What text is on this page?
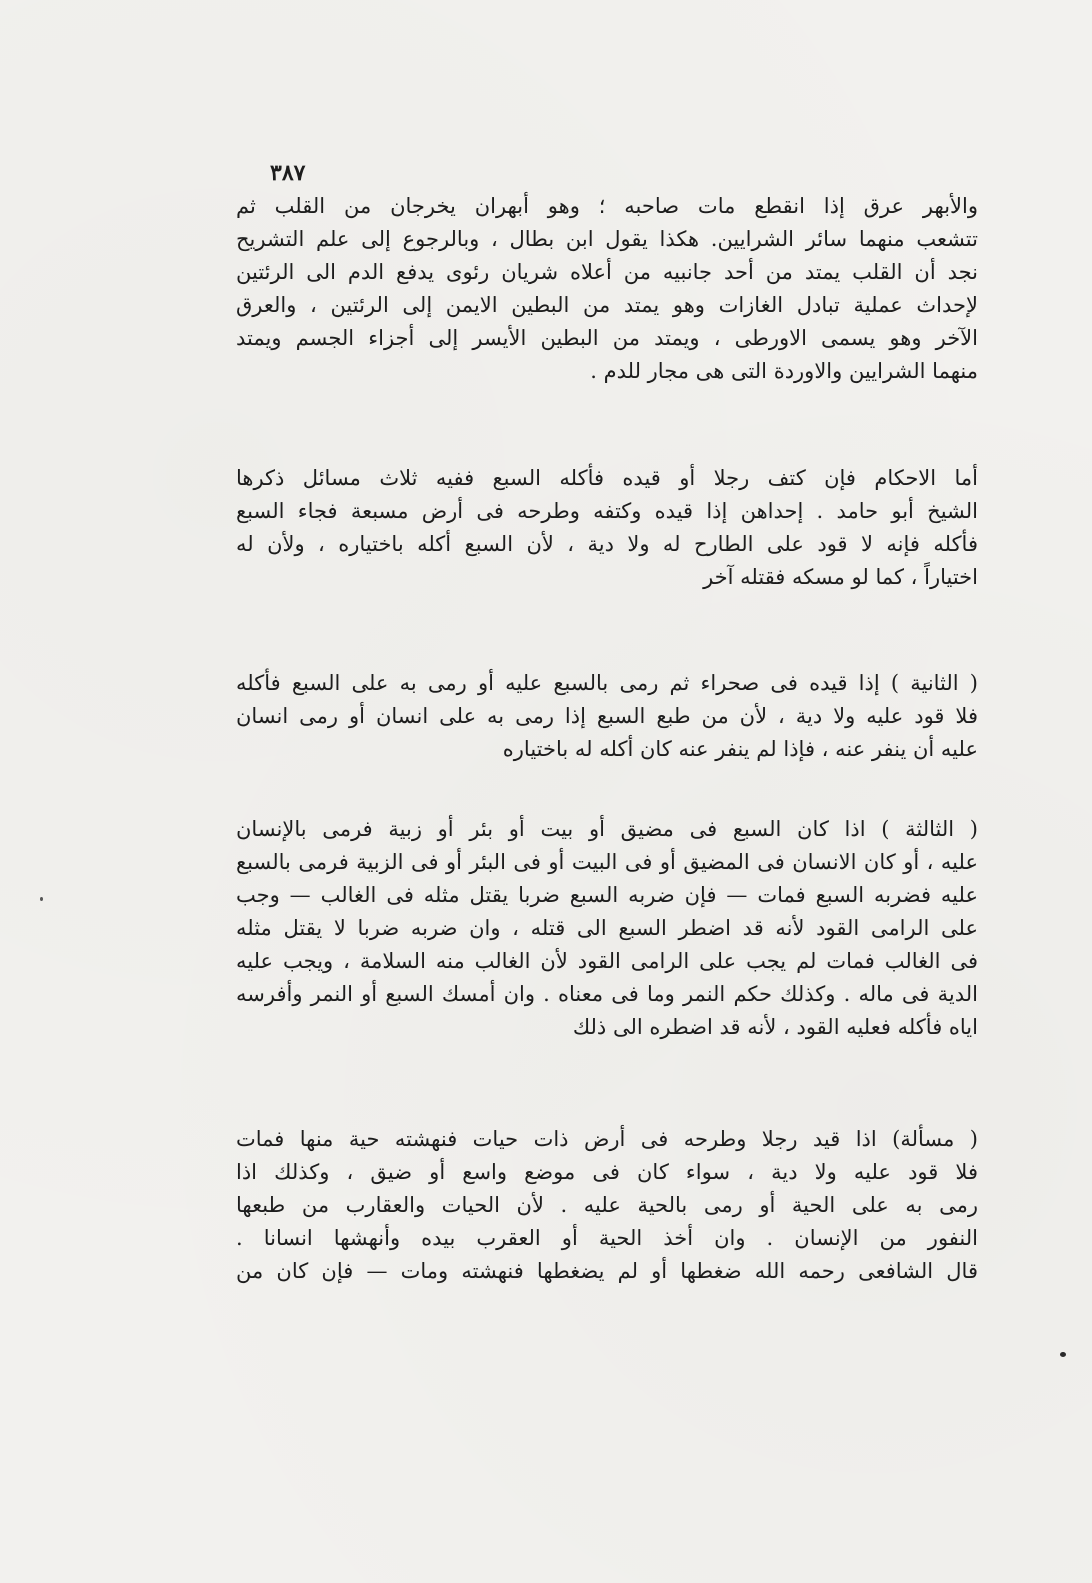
٣٨٧
والأبهر عرق إذا انقطع مات صاحبه ؛ وهو أبهران يخرجان من القلب ثم
تتشعب منهما سائر الشرايين. هكذا يقول ابن بطال ، وبالرجوع إلى علم التشريح
نجد أن القلب يمتد من أحد جانبيه من أعلاه شريان رئوى يدفع الدم الى الرئتين
لإحداث عملية تبادل الغازات وهو يمتد من البطين الايمن إلى الرئتين ، والعرق
الآخر وهو يسمى الاورطى ، ويمتد من البطين الأيسر إلى أجزاء الجسم ويمتد
منهما الشرايين والاوردة التى هى مجار للدم .
أما الاحكام فإن كتف رجلا أو قيده فأكله السبع ففيه ثلاث مسائل ذكرها
الشيخ أبو حامد . إحداهن إذا قيده وكتفه وطرحه فى أرض مسبعة فجاء السبع
فأكله فإنه لا قود على الطارح له ولا دية ، لأن السبع أكله باختياره ، ولأن له
اختياراً ، كما لو مسكه فقتله آخر
( الثانية ) إذا قيده فى صحراء ثم رمى بالسبع عليه أو رمى به على السبع فأكله
فلا قود عليه ولا دية ، لأن من طبع السبع إذا رمى به على انسان أو رمى انسان
عليه أن ينفر عنه ، فإذا لم ينفر عنه كان أكله له باختياره
( الثالثة ) اذا كان السبع فى مضيق أو بيت أو بئر أو زبية فرمى بالإنسان
عليه ، أو كان الانسان فى المضيق أو فى البيت أو فى البئر أو فى الزبية فرمى بالسبع
عليه فضربه السبع فمات — فإن ضربه السبع ضربا يقتل مثله فى الغالب — وجب
على الرامى القود لأنه قد اضطر السبع الى قتله ، وان ضربه ضربا لا يقتل مثله
فى الغالب فمات لم يجب على الرامى القود لأن الغالب منه السلامة ، ويجب عليه
الدية فى ماله . وكذلك حكم النمر وما فى معناه . وان أمسك السبع أو النمر وأفرسه
اياه فأكله فعليه القود ، لأنه قد اضطره الى ذلك
( مسألة) اذا قيد رجلا وطرحه فى أرض ذات حيات فنهشته حية منها فمات
فلا قود عليه ولا دية ، سواء كان فى موضع واسع أو ضيق ، وكذلك اذا
رمى به على الحية أو رمى بالحية عليه . لأن الحيات والعقارب من طبعها
النفور من الإنسان . وان أخذ الحية أو العقرب بيده وأنهشها انسانا .
قال الشافعى رحمه الله ضغطها أو لم يضغطها فنهشته ومات — فإن كان من
